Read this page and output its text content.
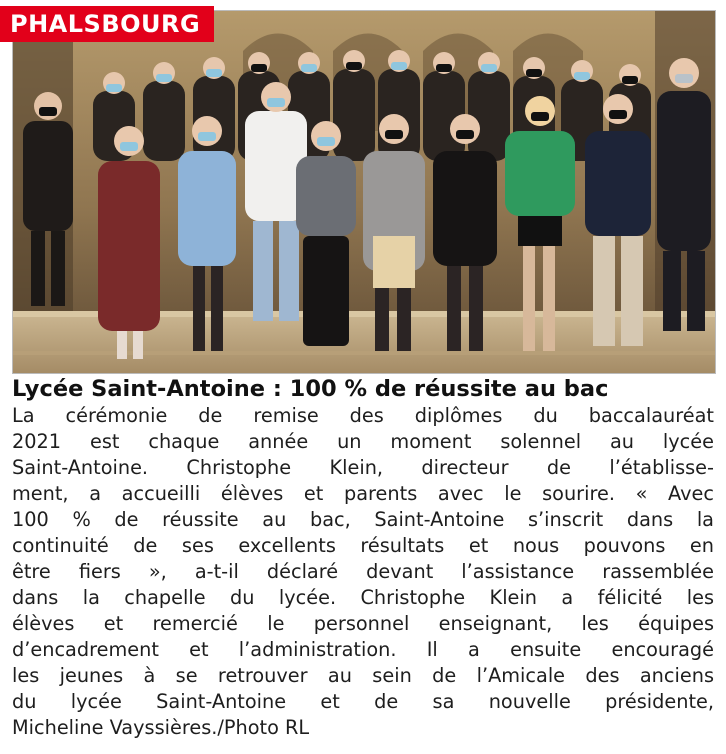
PHALSBOURG
Lycée Saint-Antoine : 100 % de réussite au bac

La cérémonie de remise des diplômes du baccalauréat
2021 est chaque année un moment solennel au lycée
Saint-Antoine. Christophe Klein, directeur de l’établisse-
ment, a accueilli élèves et parents avec le sourire. « Avec
100 % de réussite au bac, Saint-Antoine s’inscrit dans la
continuité de ses excellents résultats et nous pouvons en
être fiers », a-t-il déclaré devant l’assistance rassemblée
dans la chapelle du lycée. Christophe Klein a félicité les
élèves et remercié le personnel enseignant, les équipes
d’encadrement et l’administration. Il a ensuite encouragé
les jeunes à se retrouver au sein de l’Amicale des anciens
du lycée Saint-Antoine et de sa nouvelle présidente,
Micheline Vayssières./Photo RL
